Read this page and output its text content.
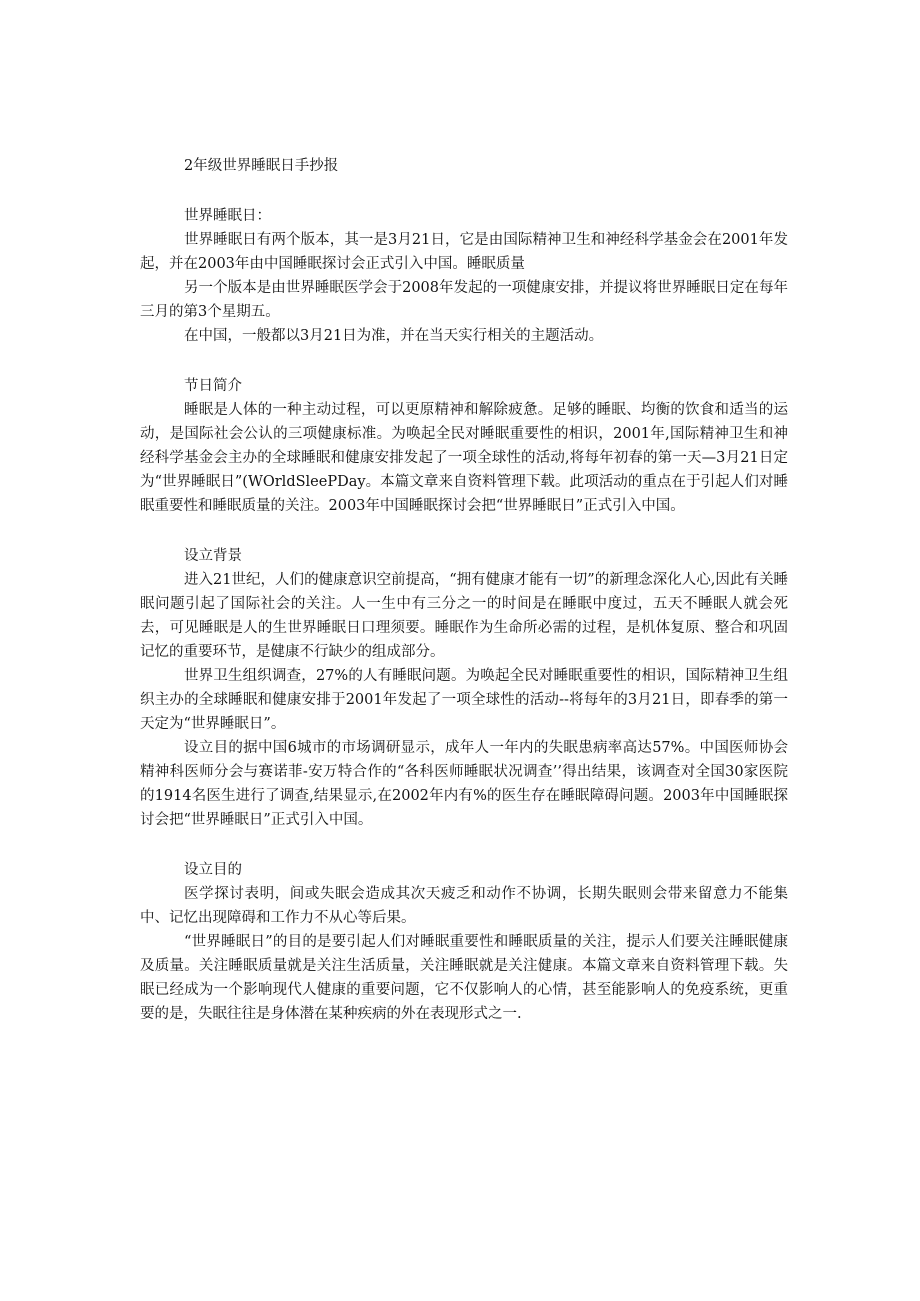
2年级世界睡眠日手抄报
世界睡眠日：

世界睡眠日有两个版本，其一是3月21日，它是由国际精神卫生和神经科学基金会在2001年发起，并在2003年由中国睡眠探讨会正式引入中国。睡眠质量

另一个版本是由世界睡眠医学会于2008年发起的一项健康安排，并提议将世界睡眠日定在每年三月的第3个星期五。

在中国，一般都以3月21日为准，并在当天实行相关的主题活动。

节日简介

睡眠是人体的一种主动过程，可以更原精神和解除疲惫。足够的睡眠、均衡的饮食和适当的运动，是国际社会公认的三项健康标准。为唤起全民对睡眠重要性的相识，2001年,国际精神卫生和神经科学基金会主办的全球睡眠和健康安排发起了一项全球性的活动,将每年初春的第一天—3月21日定为“世界睡眠日”(WOrldSleePDay。本篇文章来自资料管理下载。此项活动的重点在于引起人们对睡眠重要性和睡眠质量的关注。2003年中国睡眠探讨会把“世界睡眠日”正式引入中国。

设立背景

进入21世纪，人们的健康意识空前提高，“拥有健康才能有一切”的新理念深化人心,因此有关睡眠问题引起了国际社会的关注。人一生中有三分之一的时间是在睡眠中度过，五天不睡眠人就会死去，可见睡眠是人的生世界睡眠日口理须要。睡眠作为生命所必需的过程，是机体复原、整合和巩固记忆的重要环节，是健康不行缺少的组成部分。

世界卫生组织调查，27%的人有睡眠问题。为唤起全民对睡眠重要性的相识，国际精神卫生组织主办的全球睡眠和健康安排于2001年发起了一项全球性的活动--将每年的3月21日，即春季的第一天定为“世界睡眠日”。

设立目的据中国6城市的市场调研显示，成年人一年内的失眠患病率高达57%。中国医师协会精神科医师分会与赛诺菲-安万特合作的“各科医师睡眠状况调查’’得出结果，该调查对全国30家医院的1914名医生进行了调查,结果显示,在2002年内有%的医生存在睡眠障碍问题。2003年中国睡眠探讨会把“世界睡眠日”正式引入中国。

设立目的

医学探讨表明，间或失眠会造成其次天疲乏和动作不协调，长期失眠则会带来留意力不能集中、记忆出现障碍和工作力不从心等后果。

“世界睡眠日”的目的是要引起人们对睡眠重要性和睡眠质量的关注，提示人们要关注睡眠健康及质量。关注睡眠质量就是关注生活质量，关注睡眠就是关注健康。本篇文章来自资料管理下载。失眠已经成为一个影响现代人健康的重要问题，它不仅影响人的心情，甚至能影响人的免疫系统，更重要的是，失眠往往是身体潜在某种疾病的外在表现形式之一.
